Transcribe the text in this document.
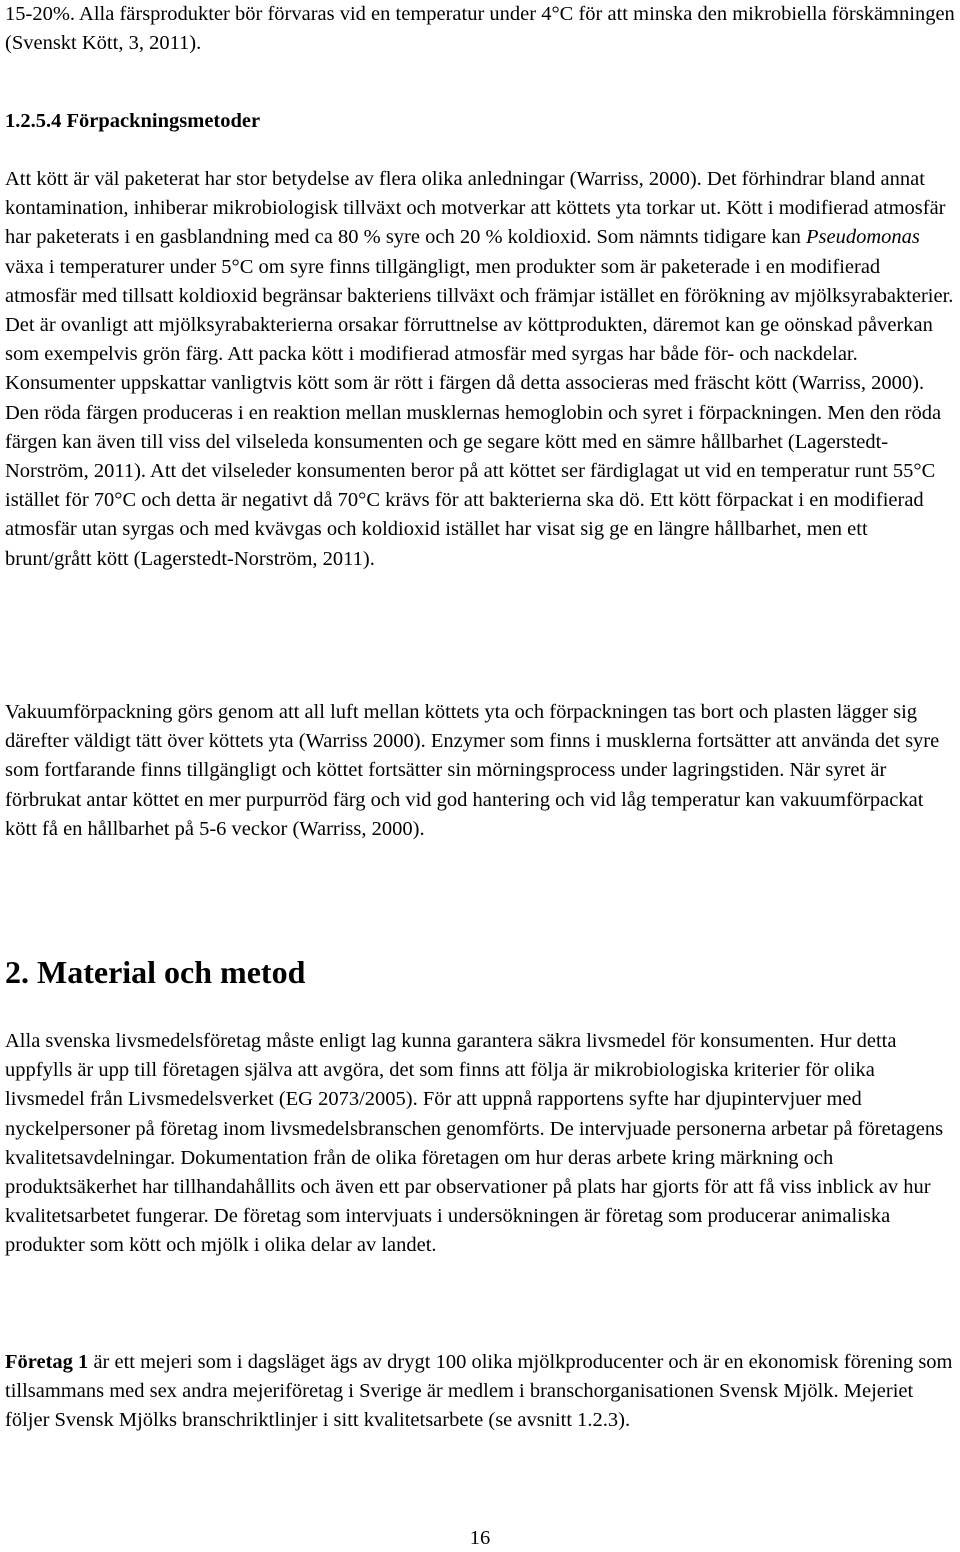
15-20%. Alla färsprodukter bör förvaras vid en temperatur under 4°C för att minska den mikrobiella förskämningen (Svenskt Kött, 3, 2011).

1.2.5.4 Förpackningsmetoder

Att kött är väl paketerat har stor betydelse av flera olika anledningar (Warriss, 2000). Det förhindrar bland annat kontamination, inhiberar mikrobiologisk tillväxt och motverkar att köttets yta torkar ut. Kött i modifierad atmosfär har paketerats i en gasblandning med ca 80 % syre och 20 % koldioxid. Som nämnts tidigare kan Pseudomonas växa i temperaturer under 5°C om syre finns tillgängligt, men produkter som är paketerade i en modifierad atmosfär med tillsatt koldioxid begränsar bakteriens tillväxt och främjar istället en förökning av mjölksyrabakterier. Det är ovanligt att mjölksyrabakterierna orsakar förruttnelse av köttprodukten, däremot kan ge oönskad påverkan som exempelvis grön färg. Att packa kött i modifierad atmosfär med syrgas har både för- och nackdelar. Konsumenter uppskattar vanligtvis kött som är rött i färgen då detta associeras med fräscht kött (Warriss, 2000). Den röda färgen produceras i en reaktion mellan musklernas hemoglobin och syret i förpackningen. Men den röda färgen kan även till viss del vilseleda konsumenten och ge segare kött med en sämre hållbarhet (Lagerstedt-Norström, 2011). Att det vilseleder konsumenten beror på att köttet ser färdiglagat ut vid en temperatur runt 55°C istället för 70°C och detta är negativt då 70°C krävs för att bakterierna ska dö. Ett kött förpackat i en modifierad atmosfär utan syrgas och med kvävgas och koldioxid istället har visat sig ge en längre hållbarhet, men ett brunt/grått kött (Lagerstedt-Norström, 2011).

Vakuumförpackning görs genom att all luft mellan köttets yta och förpackningen tas bort och plasten lägger sig därefter väldigt tätt över köttets yta (Warriss 2000). Enzymer som finns i musklerna fortsätter att använda det syre som fortfarande finns tillgängligt och köttet fortsätter sin mörningsprocess under lagringstiden. När syret är förbrukat antar köttet en mer purpurröd färg och vid god hantering och vid låg temperatur kan vakuumförpackat kött få en hållbarhet på 5-6 veckor (Warriss, 2000).

2. Material och metod

Alla svenska livsmedelsföretag måste enligt lag kunna garantera säkra livsmedel för konsumenten. Hur detta uppfylls är upp till företagen själva att avgöra, det som finns att följa är mikrobiologiska kriterier för olika livsmedel från Livsmedelsverket (EG 2073/2005). För att uppnå rapportens syfte har djupintervjuer med nyckelpersoner på företag inom livsmedelsbranschen genomförts. De intervjuade personerna arbetar på företagens kvalitetsavdelningar. Dokumentation från de olika företagen om hur deras arbete kring märkning och produktsäkerhet har tillhandahållits och även ett par observationer på plats har gjorts för att få viss inblick av hur kvalitetsarbetet fungerar. De företag som intervjuats i undersökningen är företag som producerar animaliska produkter som kött och mjölk i olika delar av landet.

Företag 1 är ett mejeri som i dagsläget ägs av drygt 100 olika mjölkproducenter och är en ekonomisk förening som tillsammans med sex andra mejeriföretag i Sverige är medlem i branschorganisationen Svensk Mjölk. Mejeriet följer Svensk Mjölks branschriktlinjer i sitt kvalitetsarbete (se avsnitt 1.2.3).

16
